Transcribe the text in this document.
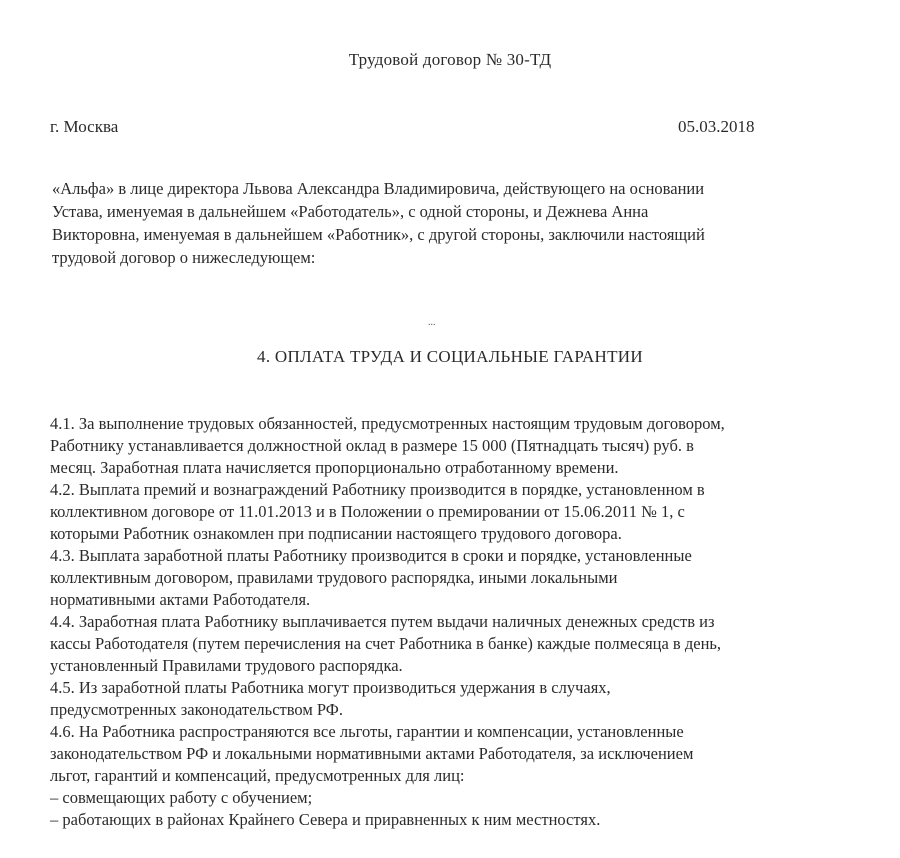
Трудовой договор № 30-ТД
г. Москва	05.03.2018
«Альфа» в лице директора Львова Александра Владимировича, действующего на основании
Устава, именуемая в дальнейшем «Работодатель», с одной стороны, и Дежнева Анна
Викторовна, именуемая в дальнейшем «Работник», с другой стороны, заключили настоящий
трудовой договор о нижеследующем:
...
4. ОПЛАТА ТРУДА И СОЦИАЛЬНЫЕ ГАРАНТИИ
4.1. За выполнение трудовых обязанностей, предусмотренных настоящим трудовым договором,
Работнику устанавливается должностной оклад в размере 15 000 (Пятнадцать тысяч) руб. в
месяц. Заработная плата начисляется пропорционально отработанному времени.
4.2. Выплата премий и вознаграждений Работнику производится в порядке, установленном в
коллективном договоре от 11.01.2013 и в Положении о премировании от 15.06.2011 № 1, с
которыми Работник ознакомлен при подписании настоящего трудового договора.
4.3. Выплата заработной платы Работнику производится в сроки и порядке, установленные
коллективным договором, правилами трудового распорядка, иными локальными
нормативными актами Работодателя.
4.4. Заработная плата Работнику выплачивается путем выдачи наличных денежных средств из
кассы Работодателя (путем перечисления на счет Работника в банке) каждые полмесяца в день,
установленный Правилами трудового распорядка.
4.5. Из заработной платы Работника могут производиться удержания в случаях,
предусмотренных законодательством РФ.
4.6. На Работника распространяются все льготы, гарантии и компенсации, установленные
законодательством РФ и локальными нормативными актами Работодателя, за исключением
льгот, гарантий и компенсаций, предусмотренных для лиц:
– совмещающих работу с обучением;
– работающих в районах Крайнего Севера и приравненных к ним местностях.
